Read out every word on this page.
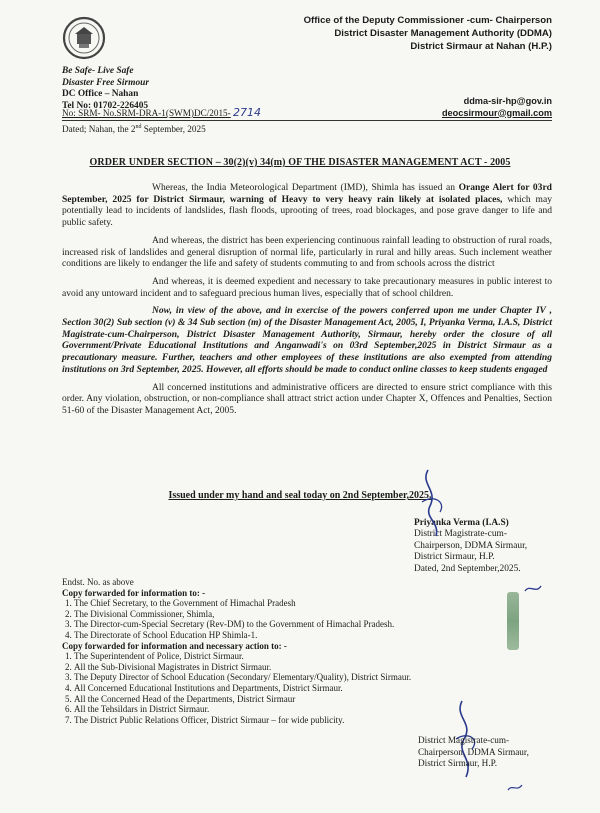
Office of the Deputy Commissioner -cum- Chairperson
District Disaster Management Authority (DDMA)
District Sirmaur at Nahan (H.P.)
Be Safe- Live Safe
Disaster Free Sirmour
DC Office – Nahan
Tel No: 01702-226405	ddma-sir-hp@gov.in
deocsirmour@gmail.com
No: SRM- No.SRM-DRA-1(SWM)DC/2015- 2714
Dated; Nahan, the 2nd September, 2025
ORDER UNDER SECTION – 30(2)(v) 34(m) OF THE DISASTER MANAGEMENT ACT - 2005

Whereas, the India Meteorological Department (IMD), Shimla has issued an Orange Alert for 03rd September, 2025 for District Sirmaur, warning of Heavy to very heavy rain likely at isolated places, which may potentially lead to incidents of landslides, flash floods, uprooting of trees, road blockages, and pose grave danger to life and public safety.

And whereas, the district has been experiencing continuous rainfall leading to obstruction of rural roads, increased risk of landslides and general disruption of normal life, particularly in rural and hilly areas. Such inclement weather conditions are likely to endanger the life and safety of students commuting to and from schools across the district

And whereas, it is deemed expedient and necessary to take precautionary measures in public interest to avoid any untoward incident and to safeguard precious human lives, especially that of school children.

Now, in view of the above, and in exercise of the powers conferred upon me under Chapter IV , Section 30(2) Sub section (v) & 34 Sub section (m) of the Disaster Management Act, 2005, I, Priyanka Verma, I.A.S, District Magistrate-cum-Chairperson, District Disaster Management Authority, Sirmaur, hereby order the closure of all Government/Private Educational Institutions and Anganwadi's on 03rd September,2025 in District Sirmaur as a precautionary measure. Further, teachers and other employees of these institutions are also exempted from attending institutions on 3rd September, 2025. However, all efforts should be made to conduct online classes to keep students engaged

All concerned institutions and administrative officers are directed to ensure strict compliance with this order. Any violation, obstruction, or non-compliance shall attract strict action under Chapter X, Offences and Penalties, Section 51-60 of the Disaster Management Act, 2005.

Issued under my hand and seal today on 2nd September,2025.
Priyanka Verma (I.A.S)
District Magistrate-cum-
Chairperson, DDMA Sirmaur,
District Sirmaur, H.P.
Dated, 2nd September,2025.
Endst. No. as above
Copy forwarded for information to: -
1. The Chief Secretary, to the Government of Himachal Pradesh
2. The Divisional Commissioner, Shimla,
3. The Director-cum-Special Secretary (Rev-DM) to the Government of Himachal Pradesh.
4. The Directorate of School Education HP Shimla-1.
Copy forwarded for information and necessary action to: -
1. The Superintendent of Police, District Sirmaur.
2. All the Sub-Divisional Magistrates in District Sirmaur.
3. The Deputy Director of School Education (Secondary/ Elementary/Quality), District Sirmaur.
4. All Concerned Educational Institutions and Departments, District Sirmaur.
5. All the Concerned Head of the Departments, District Sirmaur
6. All the Tehsildars in District Sirmaur.
7. The District Public Relations Officer, District Sirmaur – for wide publicity.
District Magistrate-cum-
Chairperson, DDMA Sirmaur,
District Sirmaur, H.P.
